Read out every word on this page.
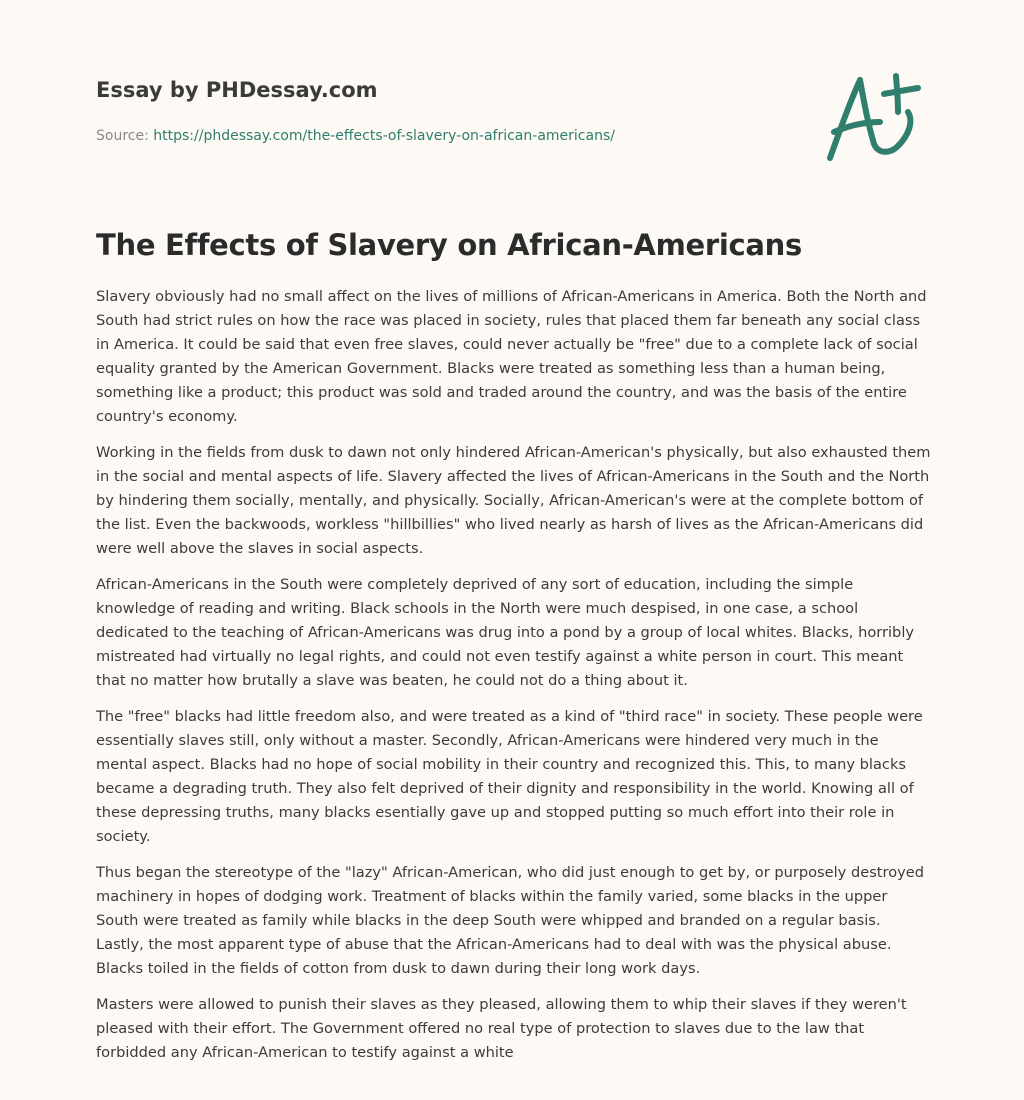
Essay by PHDessay.com
Source: https://phdessay.com/the-effects-of-slavery-on-african-americans/
The Effects of Slavery on African-Americans

Slavery obviously had no small affect on the lives of millions of African-Americans in America. Both the North and South had strict rules on how the race was placed in society, rules that placed them far beneath any social class in America. It could be said that even free slaves, could never actually be "free" due to a complete lack of social equality granted by the American Government. Blacks were treated as something less than a human being, something like a product; this product was sold and traded around the country, and was the basis of the entire country's economy.

Working in the fields from dusk to dawn not only hindered African-American's physically, but also exhausted them in the social and mental aspects of life. Slavery affected the lives of African-Americans in the South and the North by hindering them socially, mentally, and physically. Socially, African-American's were at the complete bottom of the list. Even the backwoods, workless "hillbillies" who lived nearly as harsh of lives as the African-Americans did were well above the slaves in social aspects.

African-Americans in the South were completely deprived of any sort of education, including the simple knowledge of reading and writing. Black schools in the North were much despised, in one case, a school dedicated to the teaching of African-Americans was drug into a pond by a group of local whites. Blacks, horribly mistreated had virtually no legal rights, and could not even testify against a white person in court. This meant that no matter how brutally a slave was beaten, he could not do a thing about it.

The "free" blacks had little freedom also, and were treated as a kind of "third race" in society. These people were essentially slaves still, only without a master. Secondly, African-Americans were hindered very much in the mental aspect. Blacks had no hope of social mobility in their country and recognized this. This, to many blacks became a degrading truth. They also felt deprived of their dignity and responsibility in the world. Knowing all of these depressing truths, many blacks esentially gave up and stopped putting so much effort into their role in society.

Thus began the stereotype of the "lazy" African-American, who did just enough to get by, or purposely destroyed machinery in hopes of dodging work. Treatment of blacks within the family varied, some blacks in the upper South were treated as family while blacks in the deep South were whipped and branded on a regular basis. Lastly, the most apparent type of abuse that the African-Americans had to deal with was the physical abuse. Blacks toiled in the fields of cotton from dusk to dawn during their long work days.

Masters were allowed to punish their slaves as they pleased, allowing them to whip their slaves if they weren't pleased with their effort. The Government offered no real type of protection to slaves due to the law that forbidded any African-American to testify against a white
